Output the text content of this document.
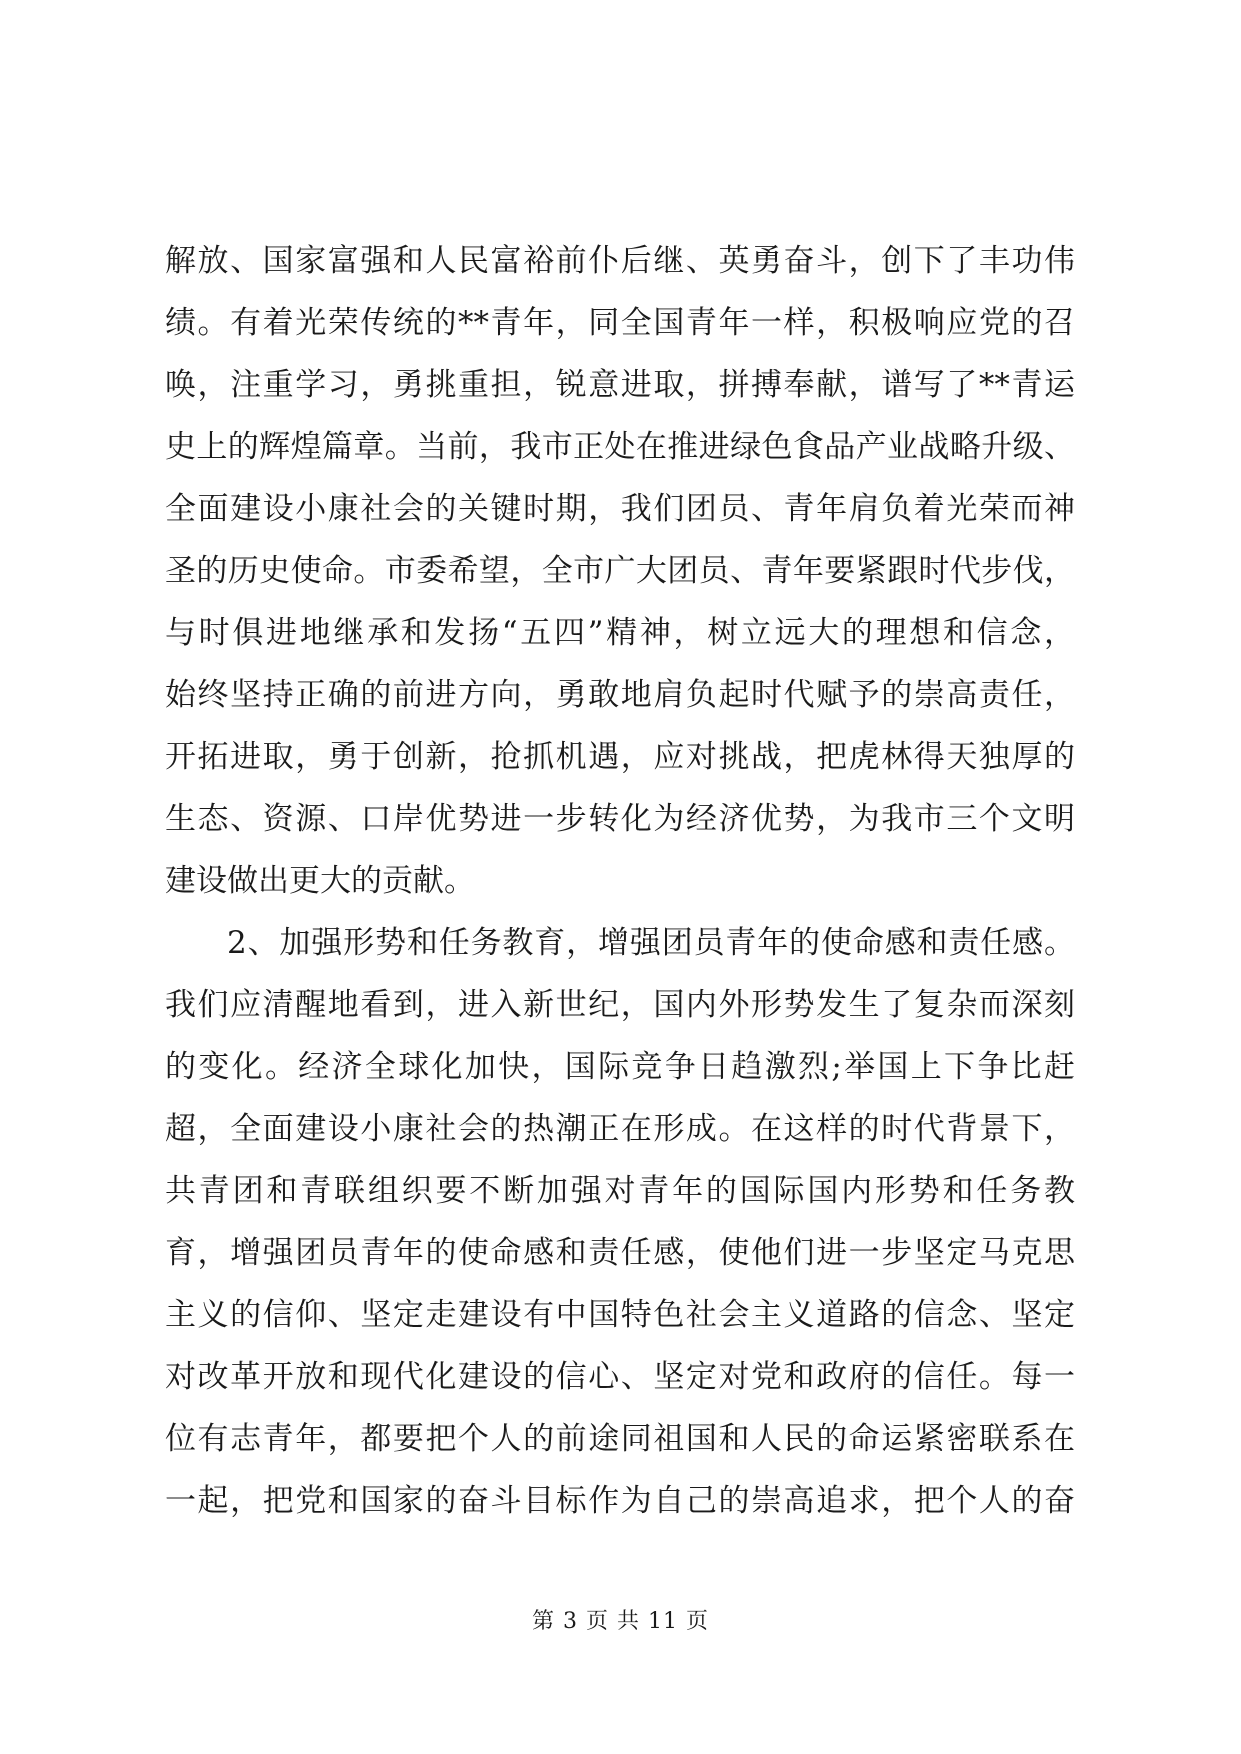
解放、国家富强和人民富裕前仆后继、英勇奋斗，创下了丰功伟
绩。有着光荣传统的**青年，同全国青年一样，积极响应党的召
唤，注重学习，勇挑重担，锐意进取，拼搏奉献，谱写了**青运
史上的辉煌篇章。当前，我市正处在推进绿色食品产业战略升级、
全面建设小康社会的关键时期，我们团员、青年肩负着光荣而神
圣的历史使命。市委希望，全市广大团员、青年要紧跟时代步伐，
与时俱进地继承和发扬“五四”精神，树立远大的理想和信念，
始终坚持正确的前进方向，勇敢地肩负起时代赋予的崇高责任，
开拓进取，勇于创新，抢抓机遇，应对挑战，把虎林得天独厚的
生态、资源、口岸优势进一步转化为经济优势，为我市三个文明
建设做出更大的贡献。
2、加强形势和任务教育，增强团员青年的使命感和责任感。
我们应清醒地看到，进入新世纪，国内外形势发生了复杂而深刻
的变化。经济全球化加快，国际竞争日趋激烈;举国上下争比赶
超，全面建设小康社会的热潮正在形成。在这样的时代背景下，
共青团和青联组织要不断加强对青年的国际国内形势和任务教
育，增强团员青年的使命感和责任感，使他们进一步坚定马克思
主义的信仰、坚定走建设有中国特色社会主义道路的信念、坚定
对改革开放和现代化建设的信心、坚定对党和政府的信任。每一
位有志青年，都要把个人的前途同祖国和人民的命运紧密联系在
一起，把党和国家的奋斗目标作为自己的崇高追求，把个人的奋
第 3 页 共 11 页
